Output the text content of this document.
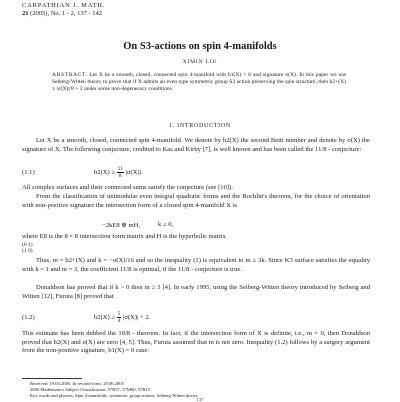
CARPATHIAN J. MATH.
21 (2005), No. 1 - 2, 137 - 142
On S3-actions on spin 4-manifolds
XIMIN LIU
ABSTRACT. Let X be a smooth, closed, connected spin 4-manifold with b1(X) = 0 and signature σ(X). In this paper we use Seiberg-Witten theory to prove that if X admits an even type symmetric group S3 action preserving the spin structure, then b2+(X) ≥ |σ(X)|/8 + 2 under some non-degeneracy conditions.
1. INTRODUCTION
Let X be a smooth, closed, connected spin 4-manifold. We denote by b2(X) the second Betti number and denote by σ(X) the signature of X. The following conjecture, credited to Kas and Kirby [7], is well known and has been called the 11/8 - conjecture:
(1.1)	$b2(X) \ge \frac{11}{8} |\sigma(X)|$.
All complex surfaces and their connected sums satisfy the conjecture (see [10]).
From the classification of unimodular even integral quadratic forms and the Rochlin's theorem, for the choice of orientation with non-positive signature the intersection form of a closed spin 4-manifold X is
−2kE8 ⊕ mH,	k ≥ 0,
where E8 is the 8 × 8 intersection form matrix and H is the hyperbolic matrix
(0 1)
(1 0)
Thus, m = b2+(X) and k = −σ(X)/16 and so the inequality (1) is equivalent to m ≥ 3k. Since K3 surface satisfies the equality with k = 1 and m = 3, the coefficient 11/8 is optimal, if the 11/8 - conjecture is true.
Donaldson has proved that if k > 0 then m ≥ 3 [4]. In early 1995, using the Seiberg-Witten theory introduced by Seiberg and Witten [12], Furuta [8] proved that
(1.2)	$b2(X) \ge \frac{5}{4} |\sigma(X)| + 2$.
This estimate has been dubbed the 10/8 - theorem. In fact, if the intersection form of X is definite, i.e., m = 0, then Donaldson proved that b2(X) and σ(X) are zero [4, 5]. Thus, Furuta assumed that m is not zero. Inequality (1.2) follows by a surgery argument from the non-positive signature, b1(X) = 0 case:
Received: 19.04.2005. In revised form: 29.06.2005
2000 Mathematics Subject Classification. 57R57, 57M60, 57R15.
Key words and phrases. Spin 4-manifolds, symmetric group actions, Seiberg-Witten theory.
137
